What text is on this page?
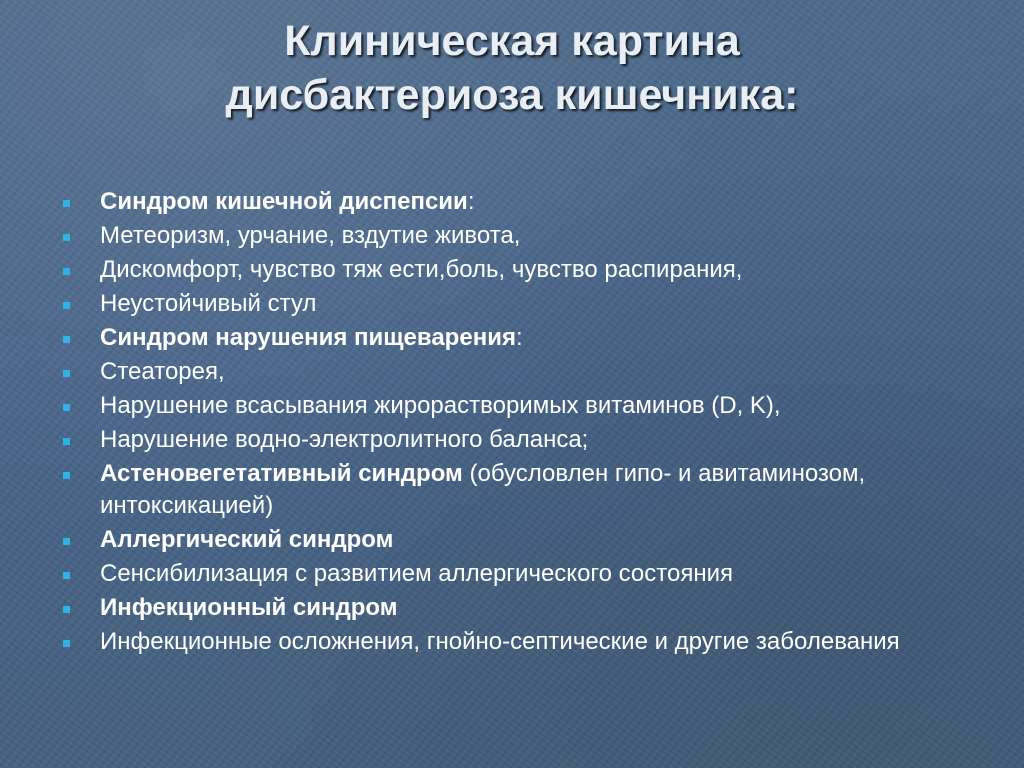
Клиническая картина
дисбактериоза кишечника:
Синдром кишечной диспепсии:
Метеоризм, урчание, вздутие живота,
Дискомфорт, чувство тяж ести,боль, чувство распирания,
Неустойчивый стул
Синдром нарушения пищеварения:
Стеаторея,
Нарушение всасывания жирорастворимых витаминов (D, K),
Нарушение водно-электролитного баланса;
Астеновегетативный синдром (обусловлен гипо- и авитаминозом, интоксикацией)
Аллергический синдром
Сенсибилизация с развитием аллергического состояния
Инфекционный синдром
Инфекционные осложнения, гнойно-септические и другие заболевания
